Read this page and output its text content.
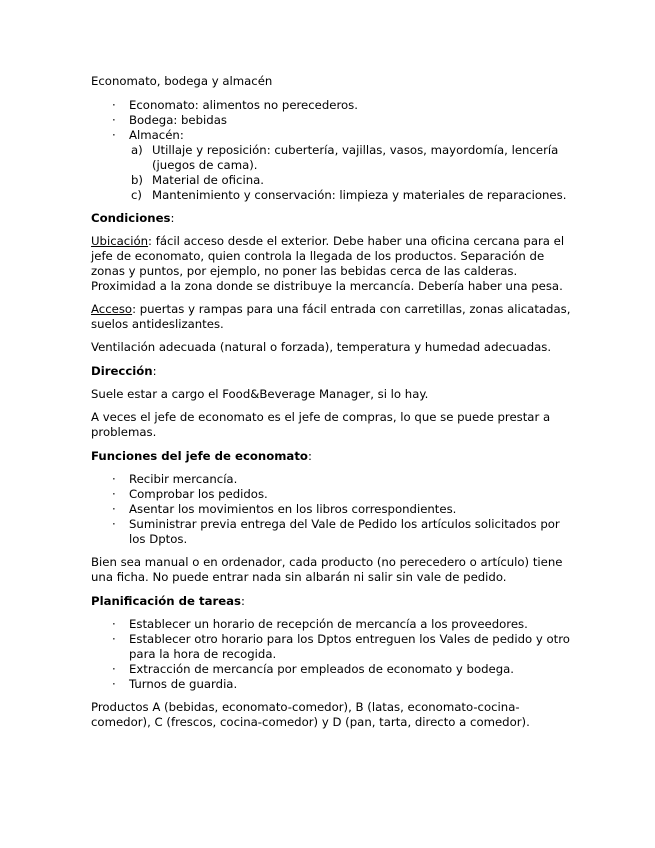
Economato, bodega y almacén

· Economato: alimentos no perecederos.
· Bodega: bebidas
· Almacén:
a) Utillaje y reposición: cubertería, vajillas, vasos, mayordomía, lencería (juegos de cama).
b) Material de oficina.
c) Mantenimiento y conservación: limpieza y materiales de reparaciones.
Condiciones:

Ubicación: fácil acceso desde el exterior. Debe haber una oficina cercana para el jefe de economato, quien controla la llegada de los productos. Separación de zonas y puntos, por ejemplo, no poner las bebidas cerca de las calderas. Proximidad a la zona donde se distribuye la mercancía. Debería haber una pesa.

Acceso: puertas y rampas para una fácil entrada con carretillas, zonas alicatadas, suelos antideslizantes.

Ventilación adecuada (natural o forzada), temperatura y humedad adecuadas.

Dirección:

Suele estar a cargo el Food&Beverage Manager, si lo hay.

A veces el jefe de economato es el jefe de compras, lo que se puede prestar a problemas.

Funciones del jefe de economato:
· Recibir mercancía.
· Comprobar los pedidos.
· Asentar los movimientos en los libros correspondientes.
· Suministrar previa entrega del Vale de Pedido los artículos solicitados por los Dptos.

Bien sea manual o en ordenador, cada producto (no perecedero o artículo) tiene una ficha. No puede entrar nada sin albarán ni salir sin vale de pedido.

Planificación de tareas:
· Establecer un horario de recepción de mercancía a los proveedores.
· Establecer otro horario para los Dptos entreguen los Vales de pedido y otro para la hora de recogida.
· Extracción de mercancía por empleados de economato y bodega.
· Turnos de guardia.

Productos A (bebidas, economato-comedor), B (latas, economato-cocina-comedor), C (frescos, cocina-comedor) y D (pan, tarta, directo a comedor).
